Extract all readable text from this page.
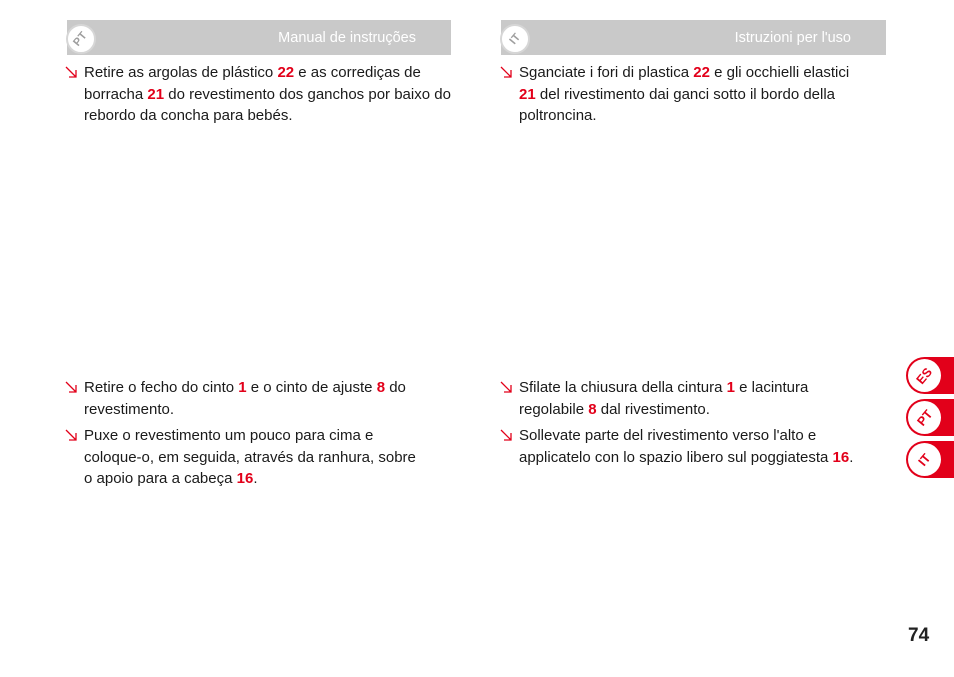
Manual de instruções
PT	Istruzioni per l'uso
IT
Retire as argolas de plástico 22 e as corrediças de borracha 21 do revestimento dos ganchos por baixo do rebordo da concha para bebés.
Retire o fecho do cinto 1 e o cinto de ajuste 8 do revestimento.
Puxe o revestimento um pouco para cima e coloque-o, em seguida, através da ranhura, sobre o apoio para a cabeça 16.
Sganciate i fori di plastica 22 e gli occhielli elastici 21 del rivestimento dai ganci sotto il bordo della poltroncina.
Sfilate la chiusura della cintura 1 e lacintura regolabile 8 dal rivestimento.
Sollevate parte del rivestimento verso l'alto e applicatelo con lo spazio libero sul poggiatesta 16.
ES
PT
IT
74
